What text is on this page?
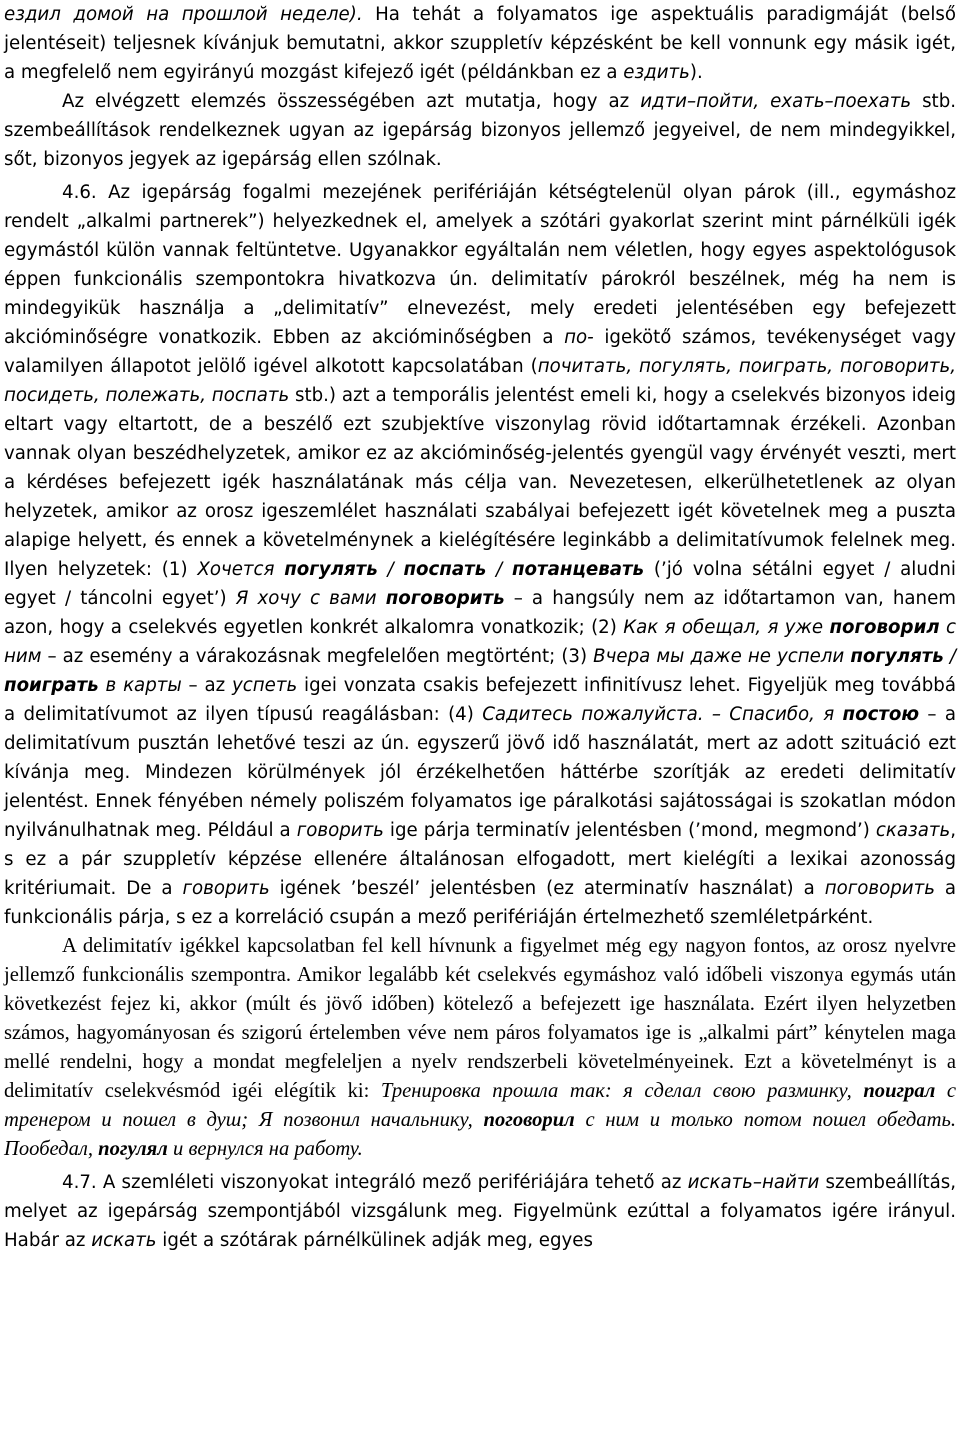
ездил домой на прошлой неделе). Ha tehát a folyamatos ige aspektuális paradigmáját (belső jelentéseit) teljesnek kívánjuk bemutatni, akkor szuppletív képzésként be kell vonnunk egy másik igét, a megfelelő nem egyirányú mozgást kifejező igét (példánkban ez a ездить).

Az elvégzett elemzés összességében azt mutatja, hogy az идти–пойти, ехать–поехать stb. szembeállítások rendelkeznek ugyan az igepárság bizonyos jellemző jegyeivel, de nem mindegyikkel, sőt, bizonyos jegyek az igepárság ellen szólnak.

4.6. Az igepárság fogalmi mezejének perifériáján kétségtelenül olyan párok (ill., egymáshoz rendelt „alkalmi partnerek”) helyezkednek el, amelyek a szótári gyakorlat szerint mint párnélküli igék egymástól külön vannak feltüntetve. Ugyanakkor egyáltalán nem véletlen, hogy egyes aspektológusok éppen funkcionális szempontokra hivatkozva ún. delimitatív párokról beszélnek, még ha nem is mindegyikük használja a „delimitatív” elnevezést, mely eredeti jelentésében egy befejezett akcióminőségre vonatkozik. Ebben az akcióminőségben a по- igekötő számos, tevékenységet vagy valamilyen állapotot jelölő igével alkotott kapcsolatában (почитать, погулять, поиграть, поговорить, посидеть, полежать, поспать stb.) azt a temporális jelentést emeli ki, hogy a cselekvés bizonyos ideig eltart vagy eltartott, de a beszélő ezt szubjektíve viszonylag rövid időtartamnak érzékeli. Azonban vannak olyan beszédhelyzetek, amikor ez az akcióminőség-jelentés gyengül vagy érvényét veszti, mert a kérdéses befejezett igék használatának más célja van. Nevezetesen, elkerülhetetlenek az olyan helyzetek, amikor az orosz igeszemlélet használati szabályai befejezett igét követelnek meg a puszta alapige helyett, és ennek a követelménynek a kielégítésére leginkább a delimitatívumok felelnek meg. Ilyen helyzetek: (1) Хочется погулять / поспать / потанцевать (’jó volna sétálni egyet / aludni egyet / táncolni egyet’) Я хочу с вами поговорить – a hangsúly nem az időtartamon van, hanem azon, hogy a cselekvés egyetlen konkrét alkalomra vonatkozik; (2) Как я обещал, я уже поговорил с ним – az esemény a várakozásnak megfelelően megtörtént; (3) Вчера мы даже не успели погулять / поиграть в карты – az успеть igei vonzata csakis befejezett infinitívusz lehet. Figyeljük meg továbbá a delimitatívumot az ilyen típusú reagálásban: (4) Садитесь пожалуйста. – Спасибо, я постою – a delimitatívum pusztán lehetővé teszi az ún. egyszerű jövő idő használatát, mert az adott szituáció ezt kívánja meg. Mindezen körülmények jól érzékelhetően háttérbe szorítják az eredeti delimitatív jelentést. Ennek fényében némely poliszém folyamatos ige páralkotási sajátosságai is szokatlan módon nyilvánulhatnak meg. Például a говорить ige párja terminatív jelentésben (’mond, megmond’) сказать, s ez a pár szuppletív képzése ellenére általánosan elfogadott, mert kielégíti a lexikai azonosság kritériumait. De a говорить igének ’beszél’ jelentésben (ez aterminatív használat) a поговорить a funkcionális párja, s ez a korreláció csupán a mező perifériáján értelmezhető szemléletpárként.

A delimitatív igékkel kapcsolatban fel kell hívnunk a figyelmet még egy nagyon fontos, az orosz nyelvre jellemző funkcionális szempontra. Amikor legalább két cselekvés egymáshoz való időbeli viszonya egymás után következést fejez ki, akkor (múlt és jövő időben) kötelező a befejezett ige használata. Ezért ilyen helyzetben számos, hagyományosan és szigorú értelemben véve nem páros folyamatos ige is „alkalmi párt” kénytelen maga mellé rendelni, hogy a mondat megfeleljen a nyelv rendszerbeli követelményeinek. Ezt a követelményt is a delimitatív cselekvésmód igéi elégítik ki: Тренировка прошла так: я сделал свою разминку, поиграл с тренером и пошел в душ; Я позвонил начальнику, поговорил с ним и только потом пошел обедать. Пообедал, погулял и вернулся на работу.

4.7. A szemléleti viszonyokat integráló mező perifériájára tehető az искать–найти szembeállítás, melyet az igepárság szempontjából vizsgálunk meg. Figyelmünk ezúttal a folyamatos igére irányul. Habár az искать igét a szótárak párnélkülinek adják meg, egyes
